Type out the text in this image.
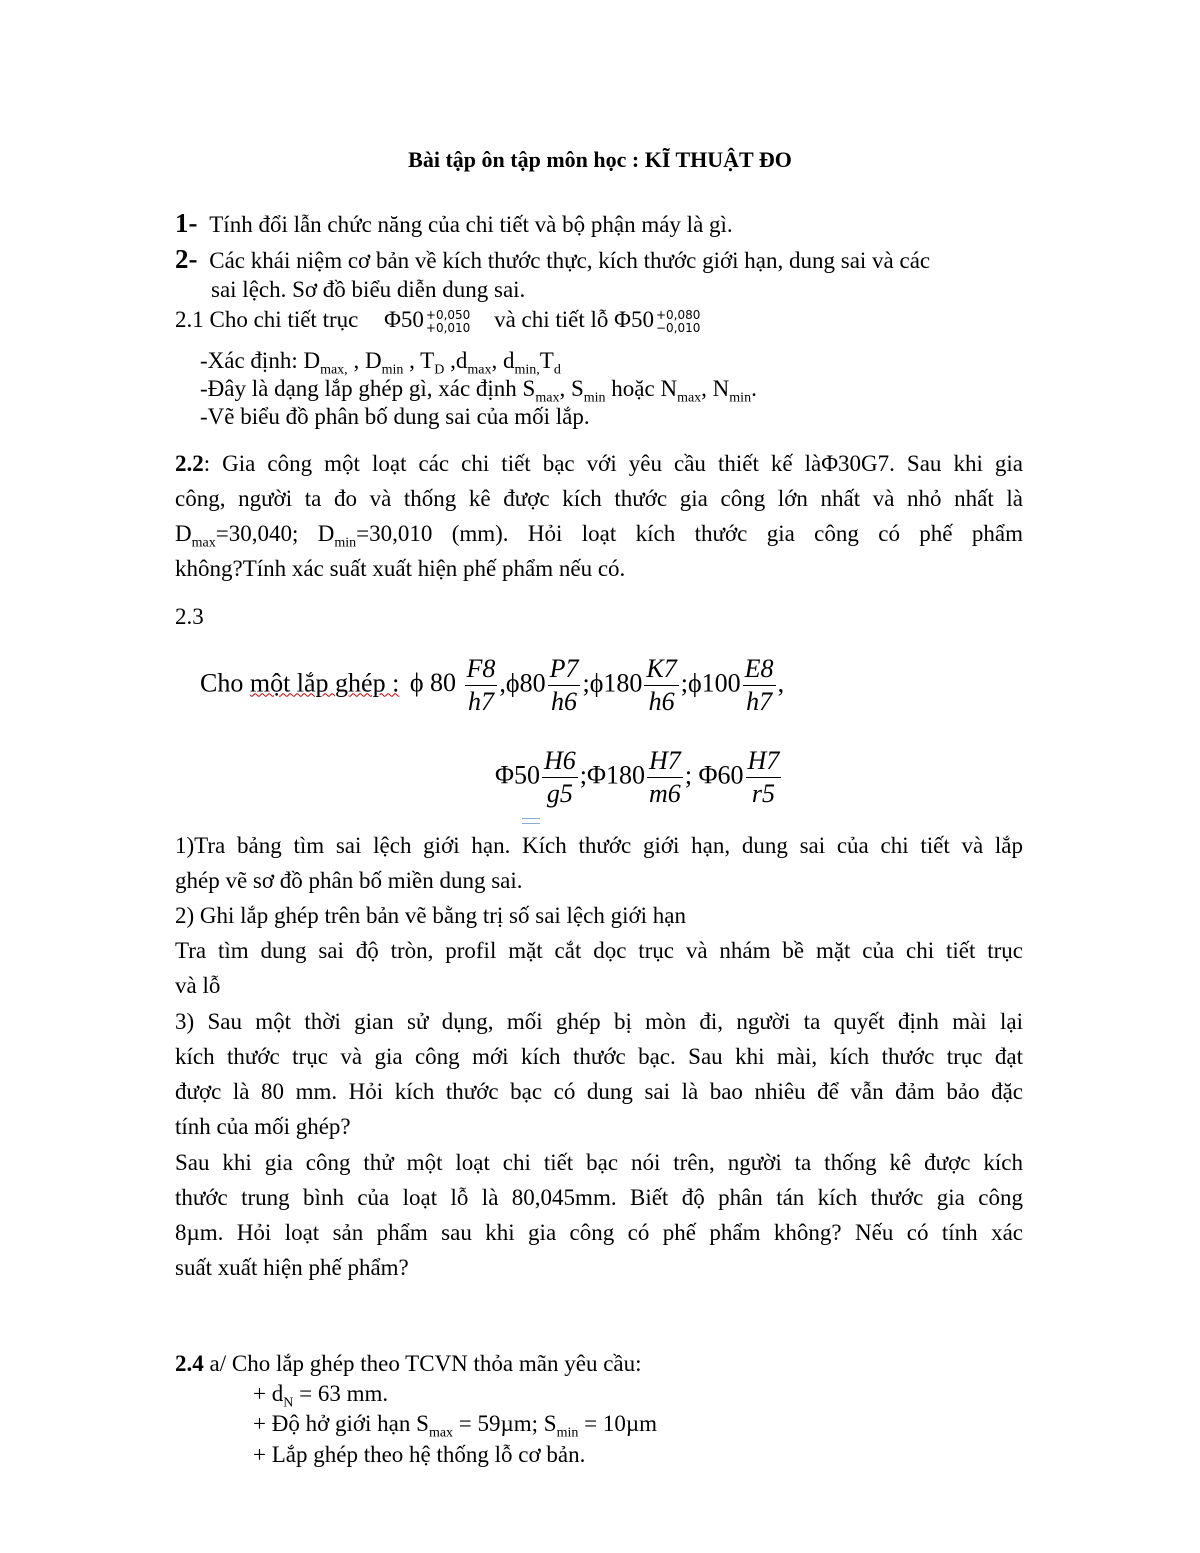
Bài tập ôn tập môn học : KĨ THUẬT ĐO
1- Tính đổi lẫn chức năng của chi tiết và bộ phận máy là gì.
2- Các khái niệm cơ bản về kích thước thực, kích thước giới hạn, dung sai và các
sai lệch. Sơ đồ biểu diễn dung sai.
2.1 Cho chi tiết trục Φ50 +0,050
+0,010 và chi tiết lỗ Φ50 +0,080
−0,010
-Xác định: $D_{max,}$ , $D_{min}$ , $T_D$ $,d_{max}$, $d_{min,}T_d$
-Đây là dạng lắp ghép gì, xác định $S_{max}$, $S_{min}$ hoặc $N_{max}$, $N_{min}$.
-Vẽ biểu đồ phân bố dung sai của mối lắp.
2.2: Gia công một loạt các chi tiết bạc với yêu cầu thiết kế làΦ30G7. Sau khi gia
công, người ta đo và thống kê được kích thước gia công lớn nhất và nhỏ nhất là
$D_{max}=30,040$; $D_{min}=30,010$ (mm). Hỏi loạt kích thước gia công có phế phẩm
không?Tính xác suất xuất hiện phế phẩm nếu có.
2.3
Cho một lắp ghép : ϕ $80 \frac{F8}{h7} ,\phi 80 \frac{P7}{h6}$ ;ϕ180 $\frac{K7}{h6}$ ;ϕ100 $\frac{E8}{h7}$ ,
$\Phi 50 \frac{H6}{g5}$ ;Φ180 $\frac{H7}{m6}$ ; $\Phi 60 \frac{H7}{r5}$
1)Tra bảng tìm sai lệch giới hạn. Kích thước giới hạn, dung sai của chi tiết và lắp
ghép vẽ sơ đồ phân bố miền dung sai.
2) Ghi lắp ghép trên bản vẽ bằng trị số sai lệch giới hạn
Tra tìm dung sai độ tròn, profil mặt cắt dọc trục và nhám bề mặt của chi tiết trục
và lỗ
3) Sau một thời gian sử dụng, mối ghép bị mòn đi, người ta quyết định mài lại
kích thước trục và gia công mới kích thước bạc. Sau khi mài, kích thước trục đạt
được là 80 mm. Hỏi kích thước bạc có dung sai là bao nhiêu để vẫn đảm bảo đặc
tính của mối ghép?
Sau khi gia công thử một loạt chi tiết bạc nói trên, người ta thống kê được kích
thước trung bình của loạt lỗ là 80,045mm. Biết độ phân tán kích thước gia công
8µm. Hỏi loạt sản phẩm sau khi gia công có phế phẩm không? Nếu có tính xác
suất xuất hiện phế phẩm?
2.4 a/ Cho lắp ghép theo TCVN thỏa mãn yêu cầu:
+ $d_N = 63$ mm.
+ Độ hở giới hạn $S_{max} = 59\mu m$; $S_{min} = 10\mu m$
+ Lắp ghép theo hệ thống lỗ cơ bản.
